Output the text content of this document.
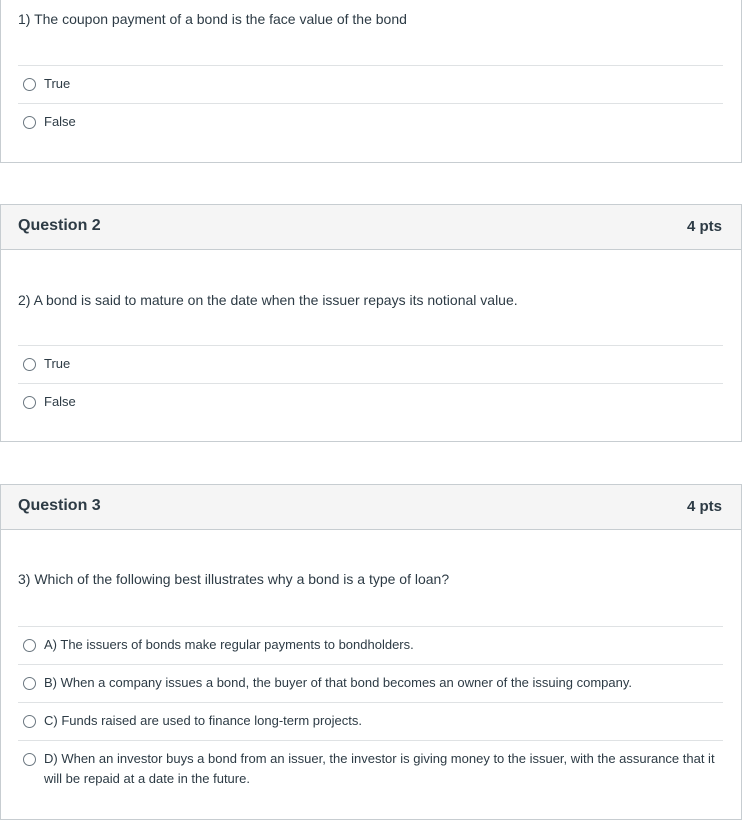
1) The coupon payment of a bond is the face value of the bond
True
False
Question 2	4 pts
2) A bond is said to mature on the date when the issuer repays its notional value.
True
False
Question 3	4 pts
3) Which of the following best illustrates why a bond is a type of loan?
A) The issuers of bonds make regular payments to bondholders.
B) When a company issues a bond, the buyer of that bond becomes an owner of the issuing company.
C) Funds raised are used to finance long-term projects.
D) When an investor buys a bond from an issuer, the investor is giving money to the issuer, with the assurance that it will be repaid at a date in the future.
